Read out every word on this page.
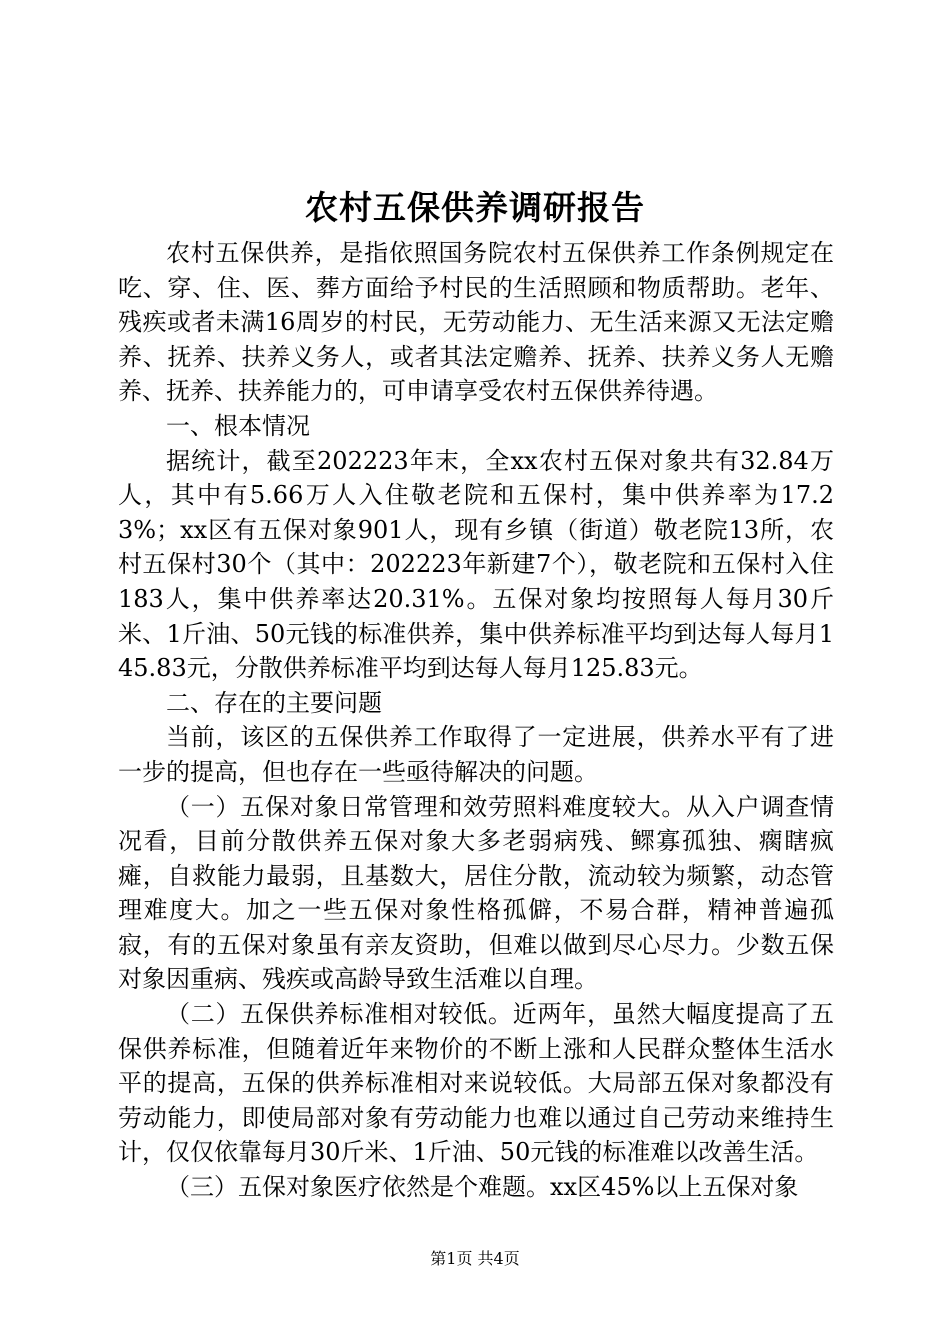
农村五保供养调研报告

农村五保供养，是指依照国务院农村五保供养工作条例规定在吃、穿、住、医、葬方面给予村民的生活照顾和物质帮助。老年、残疾或者未满16周岁的村民，无劳动能力、无生活来源又无法定赡养、抚养、扶养义务人，或者其法定赡养、抚养、扶养义务人无赡养、抚养、扶养能力的，可申请享受农村五保供养待遇。

一、根本情况

据统计，截至202223年末，全xx农村五保对象共有32.84万人，其中有5.66万人入住敬老院和五保村，集中供养率为17.23%；xx区有五保对象901人，现有乡镇（街道）敬老院13所，农村五保村30个（其中：202223年新建7个），敬老院和五保村入住183人，集中供养率达20.31%。五保对象均按照每人每月30斤米、1斤油、50元钱的标准供养，集中供养标准平均到达每人每月145.83元，分散供养标准平均到达每人每月125.83元。

二、存在的主要问题

当前，该区的五保供养工作取得了一定进展，供养水平有了进一步的提高，但也存在一些亟待解决的问题。

（一）五保对象日常管理和效劳照料难度较大。从入户调查情况看，目前分散供养五保对象大多老弱病残、鳏寡孤独、瘸瞎疯瘫，自救能力最弱，且基数大，居住分散，流动较为频繁，动态管理难度大。加之一些五保对象性格孤僻，不易合群，精神普遍孤寂，有的五保对象虽有亲友资助，但难以做到尽心尽力。少数五保对象因重病、残疾或高龄导致生活难以自理。

（二）五保供养标准相对较低。近两年，虽然大幅度提高了五保供养标准，但随着近年来物价的不断上涨和人民群众整体生活水平的提高，五保的供养标准相对来说较低。大局部五保对象都没有劳动能力，即使局部对象有劳动能力也难以通过自己劳动来维持生计，仅仅依靠每月30斤米、1斤油、50元钱的标准难以改善生活。

（三）五保对象医疗依然是个难题。xx区45%以上五保对象

第1页 共4页
